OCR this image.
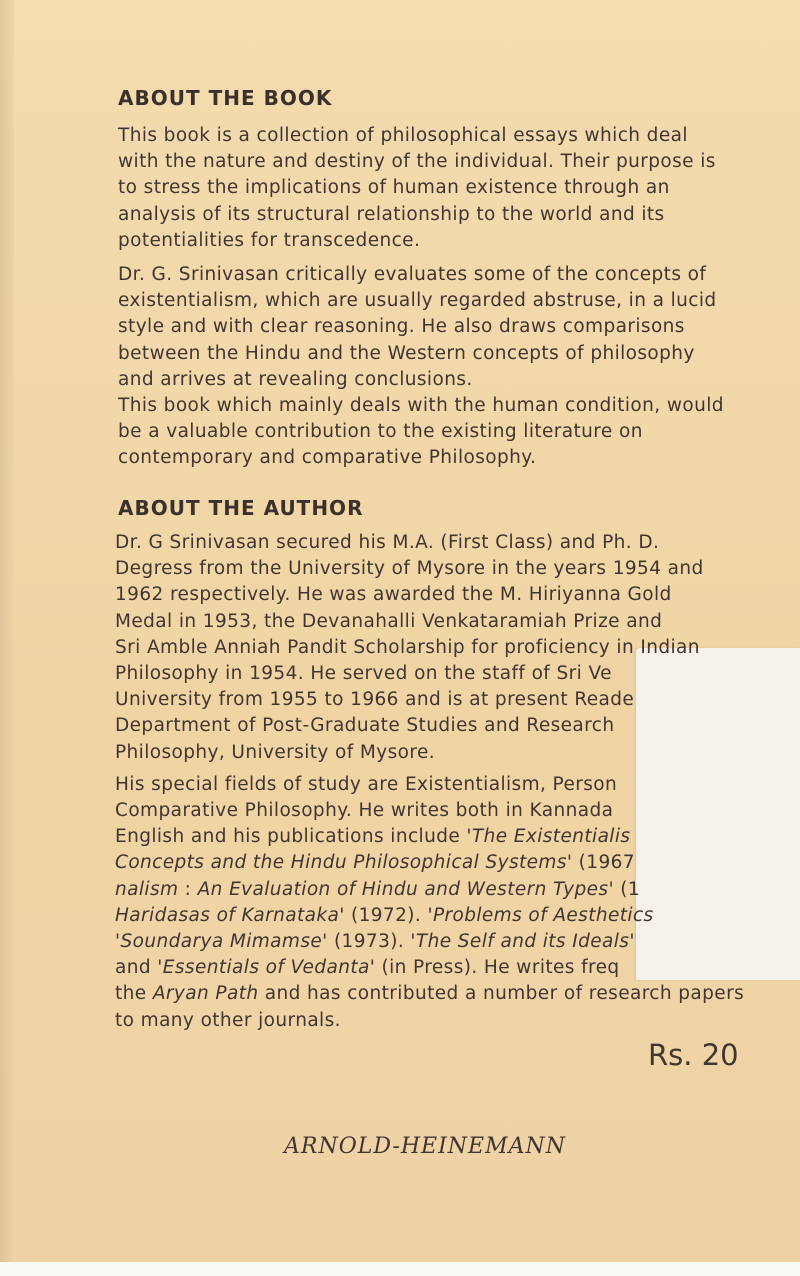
ABOUT THE BOOK

This book is a collection of philosophical essays which deal
with the nature and destiny of the individual. Their purpose is
to stress the implications of human existence through an
analysis of its structural relationship to the world and its
potentialities for transcedence.

Dr. G. Srinivasan critically evaluates some of the concepts of
existentialism, which are usually regarded abstruse, in a lucid
style and with clear reasoning. He also draws comparisons
between the Hindu and the Western concepts of philosophy
and arrives at revealing conclusions.
This book which mainly deals with the human condition, would
be a valuable contribution to the existing literature on
contemporary and comparative Philosophy.

ABOUT THE AUTHOR
Dr. G Srinivasan secured his M.A. (First Class) and Ph. D.
Degress from the University of Mysore in the years 1954 and
1962 respectively. He was awarded the M. Hiriyanna Gold
Medal in 1953, the Devanahalli Venkataramiah Prize and
Sri Amble Anniah Pandit Scholarship for proficiency in Indian
Philosophy in 1954. He served on the staff of Sri Ve
University from 1955 to 1966 and is at present Reade
Department of Post-Graduate Studies and Research
Philosophy, University of Mysore.
His special fields of study are Existentialism, Person
Comparative Philosophy. He writes both in Kannada
English and his publications include 'The Existentialis
Concepts and the Hindu Philosophical Systems' (1967
nalism : An Evaluation of Hindu and Western Types' (1
Haridasas of Karnataka' (1972). 'Problems of Aesthetics
'Soundarya Mimamse' (1973). 'The Self and its Ideals'
and 'Essentials of Vedanta' (in Press). He writes freq
the Aryan Path and has contributed a number of research papers
to many other journals.

Rs. 20

ARNOLD-HEINEMANN
